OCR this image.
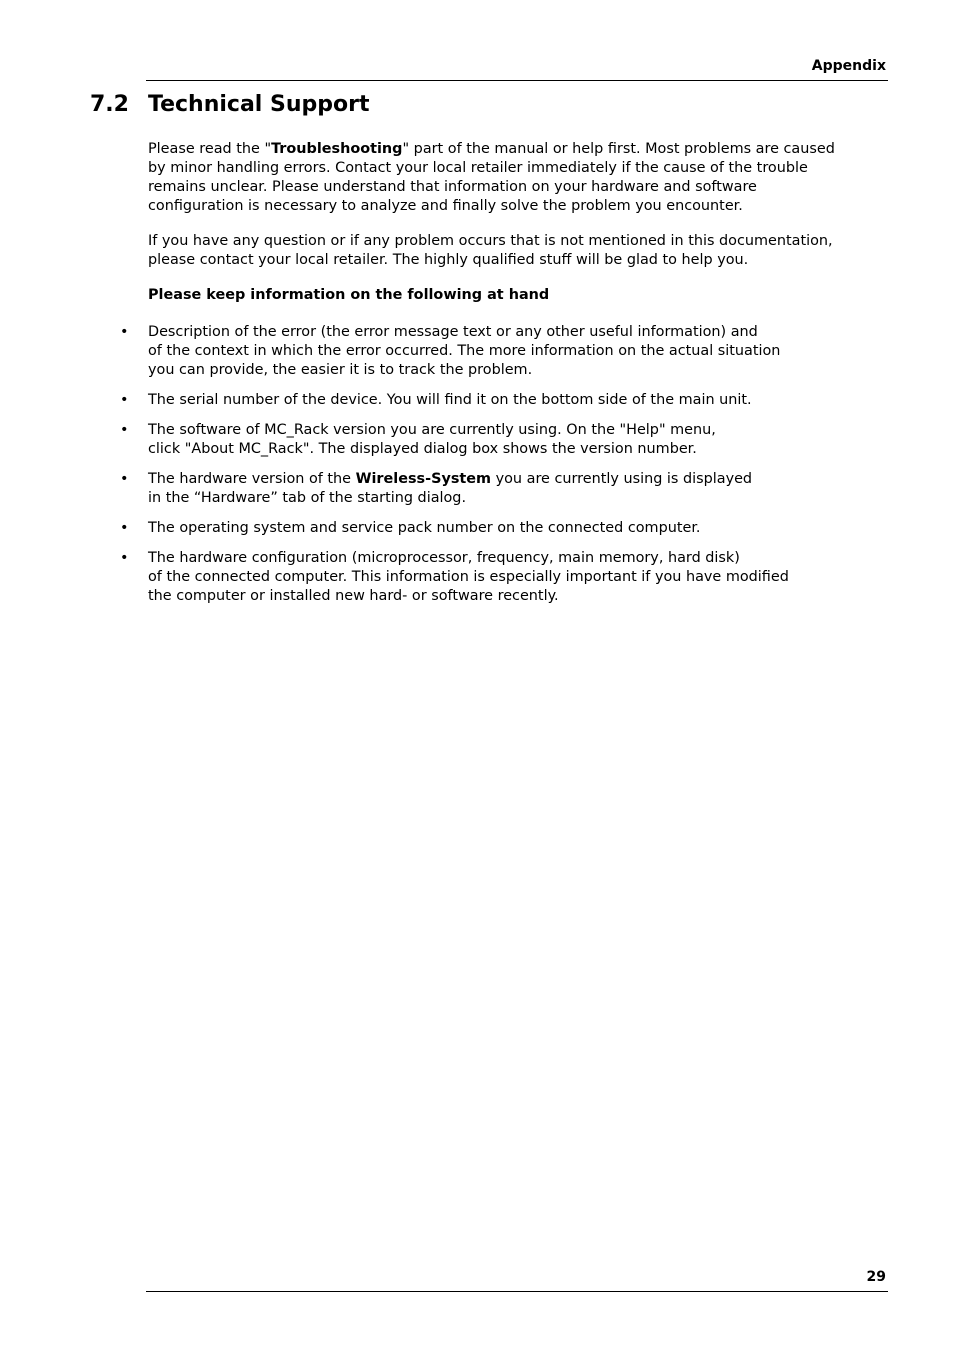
Appendix
7.2 Technical Support

Please read the "Troubleshooting" part of the manual or help first. Most problems are caused
by minor handling errors. Contact your local retailer immediately if the cause of the trouble
remains unclear. Please understand that information on your hardware and software
configuration is necessary to analyze and finally solve the problem you encounter.

If you have any question or if any problem occurs that is not mentioned in this documentation,
please contact your local retailer. The highly qualified stuff will be glad to help you.

Please keep information on the following at hand

• Description of the error (the error message text or any other useful information) and
of the context in which the error occurred. The more information on the actual situation
you can provide, the easier it is to track the problem.
• The serial number of the device. You will find it on the bottom side of the main unit.
• The software of MC_Rack version you are currently using. On the "Help" menu,
click "About MC_Rack". The displayed dialog box shows the version number.
• The hardware version of the Wireless-System you are currently using is displayed
in the “Hardware” tab of the starting dialog.
• The operating system and service pack number on the connected computer.
• The hardware configuration (microprocessor, frequency, main memory, hard disk)
of the connected computer. This information is especially important if you have modified
the computer or installed new hard- or software recently.
29
